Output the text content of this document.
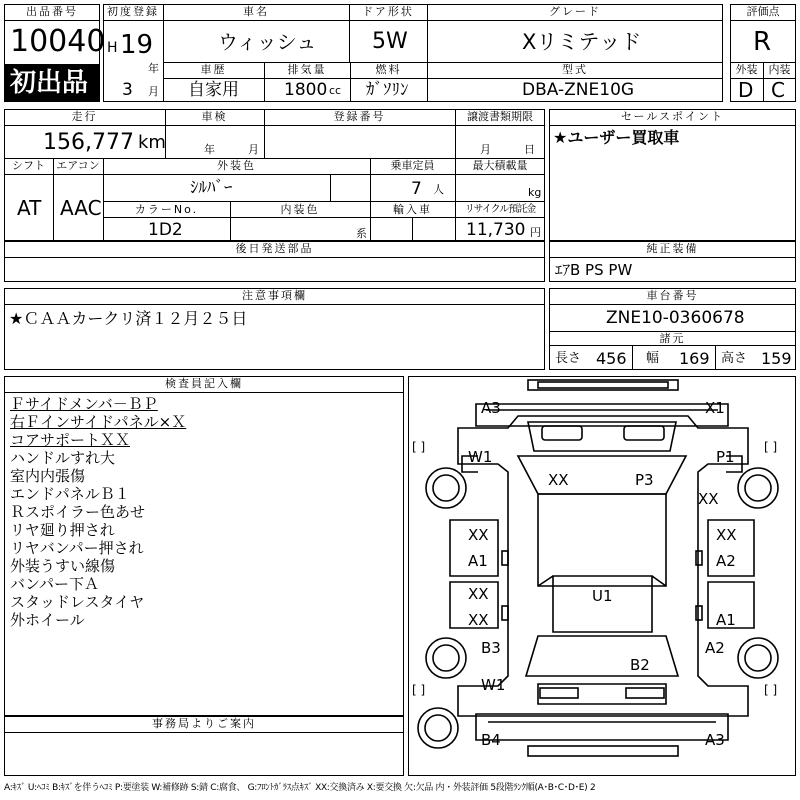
出品番号
10040
初出品
初度登録
H 19
年
3 月
車名
ウィッシュ
ドア形状
5W
グレード
Xリミテッド
車歴
自家用
排気量
1800 cc
燃料
ｶﾞｿﾘﾝ
型式
DBA-ZNE10G
評価点
R
外装	内装
D C
走行
156,777 km
車検
年	月
登録番号	譲渡書類期限
月	日
シフト
AT
エアコン
AAC
外装色
ｼﾙﾊﾞｰ
乗車定員
7 人
最大積載量
kg
カラーNo.
1D2
内装色
系
輸入車	リサイクル預託金
11,730 円
セールスポイント
★ユーザー買取車
後日発送部品	純正装備
ｴｱB PS PW
注意事項欄
★ＣＡＡカークリ済１２月２５日
車台番号
ZNE10-0360678
諸元
長さ 456 幅 169 高さ 159
検査員記入欄
Ｆサイドメンバ－ＢＰ
右Ｆインサイドパネル×Ｘ
コアサポートＸＸ
ハンドルすれ大
室内内張傷
エンドパネルＢ１
Ｒスポイラー色あせ
リヤ廻り押され
リヤバンパー押され
外装うすい線傷
バンパー下Ａ
スタッドレスタイヤ
外ホイール
事務局よりご案内
A3	X1
W1	P1
XX	P3
XX
XX	XX
A1
XX
A2
XX
U1
A1
B3	A2
B2
W1
B4	A3
[ ]	[ ]
[ ]	[ ]
A:ｷｽﾞ U:ﾍｺﾐ B:ｷｽﾞを伴うﾍｺﾐ P:要塗装 W:補修跡 S:錆 C:腐食、 G:ﾌﾛﾝﾄｶﾞﾗｽ点ｷｽﾞ XX:交換済み X:要交換 欠:欠品 内・外装評価 5段階ﾗﾝｸ順(A･B･C･D･E) 2
